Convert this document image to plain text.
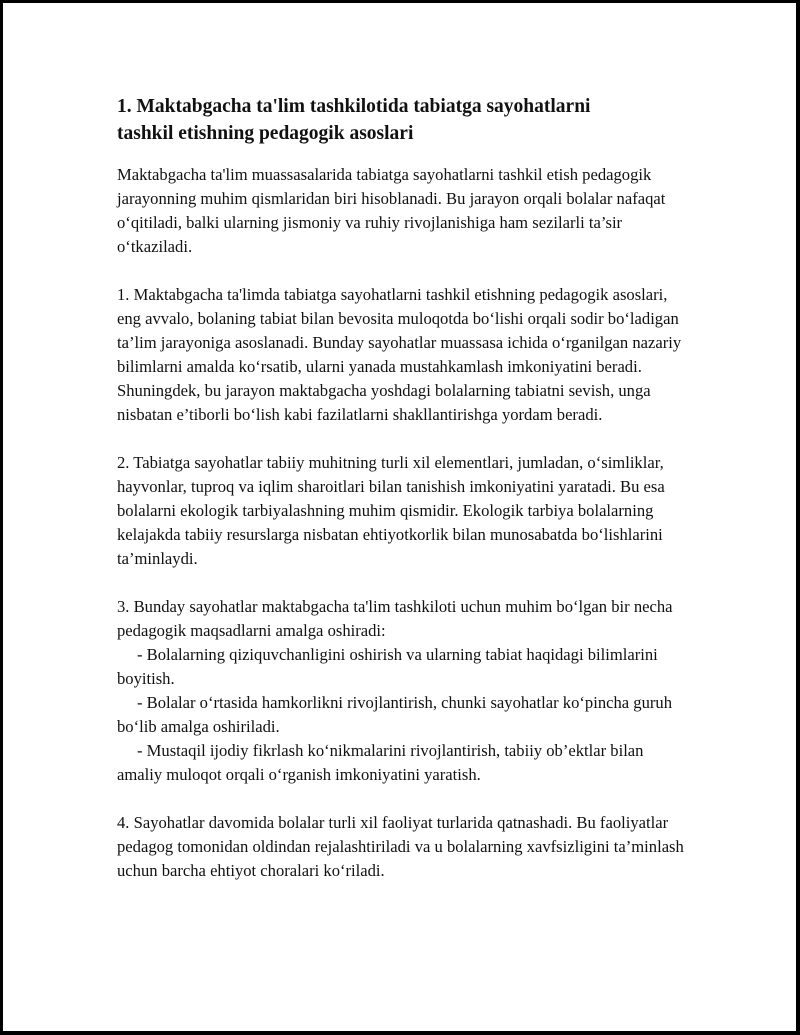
1. Maktabgacha ta'lim tashkilotida tabiatga sayohatlarni
tashkil etishning pedagogik asoslari

Maktabgacha ta'lim muassasalarida tabiatga sayohatlarni tashkil etish pedagogik jarayonning muhim qismlaridan biri hisoblanadi. Bu jarayon orqali bolalar nafaqat o‘qitiladi, balki ularning jismoniy va ruhiy rivojlanishiga ham sezilarli ta’sir o‘tkaziladi.

1. Maktabgacha ta'limda tabiatga sayohatlarni tashkil etishning pedagogik asoslari, eng avvalo, bolaning tabiat bilan bevosita muloqotda bo‘lishi orqali sodir bo‘ladigan ta’lim jarayoniga asoslanadi. Bunday sayohatlar muassasa ichida o‘rganilgan nazariy bilimlarni amalda ko‘rsatib, ularni yanada mustahkamlash imkoniyatini beradi. Shuningdek, bu jarayon maktabgacha yoshdagi bolalarning tabiatni sevish, unga nisbatan e’tiborli bo‘lish kabi fazilatlarni shakllantirishga yordam beradi.

2. Tabiatga sayohatlar tabiiy muhitning turli xil elementlari, jumladan, o‘simliklar, hayvonlar, tuproq va iqlim sharoitlari bilan tanishish imkoniyatini yaratadi. Bu esa bolalarni ekologik tarbiyalashning muhim qismidir. Ekologik tarbiya bolalarning kelajakda tabiiy resurslarga nisbatan ehtiyotkorlik bilan munosabatda bo‘lishlarini ta’minlaydi.

3. Bunday sayohatlar maktabgacha ta'lim tashkiloti uchun muhim bo‘lgan bir necha pedagogik maqsadlarni amalga oshiradi:

- Bolalarning qiziquvchanligini oshirish va ularning tabiat haqidagi bilimlarini boyitish.

- Bolalar o‘rtasida hamkorlikni rivojlantirish, chunki sayohatlar ko‘pincha guruh bo‘lib amalga oshiriladi.

- Mustaqil ijodiy fikrlash ko‘nikmalarini rivojlantirish, tabiiy ob’ektlar bilan amaliy muloqot orqali o‘rganish imkoniyatini yaratish.

4. Sayohatlar davomida bolalar turli xil faoliyat turlarida qatnashadi. Bu faoliyatlar pedagog tomonidan oldindan rejalashtiriladi va u bolalarning xavfsizligini ta’minlash uchun barcha ehtiyot choralari ko‘riladi.
